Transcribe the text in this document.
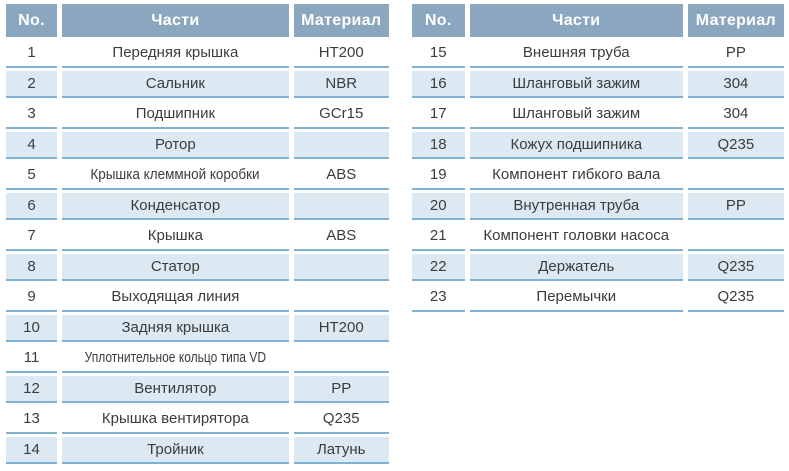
No.	Части	Материал
1	Передняя крышка	HT200
2	Сальник	NBR
3	Подшипник	GCr15
4	Ротор	
5	Крышка клеммной коробки	ABS
6	Конденсатор	
7	Крышка	ABS
8	Статор	
9	Выходящая линия	
10	Задняя крышка	HT200
11	Уплотнительное кольцо типа VD	
12	Вентилятор	PP
13	Крышка вентирятора	Q235
14	Тройник	Латунь
No.	Части	Материал
15	Внешняя труба	PP
16	Шланговый зажим	304
17	Шланговый зажим	304
18	Кожух подшипника	Q235
19	Компонент гибкого вала	
20	Внутренная труба	PP
21	Компонент головки насоса	
22	Держатель	Q235
23	Перемычки	Q235
